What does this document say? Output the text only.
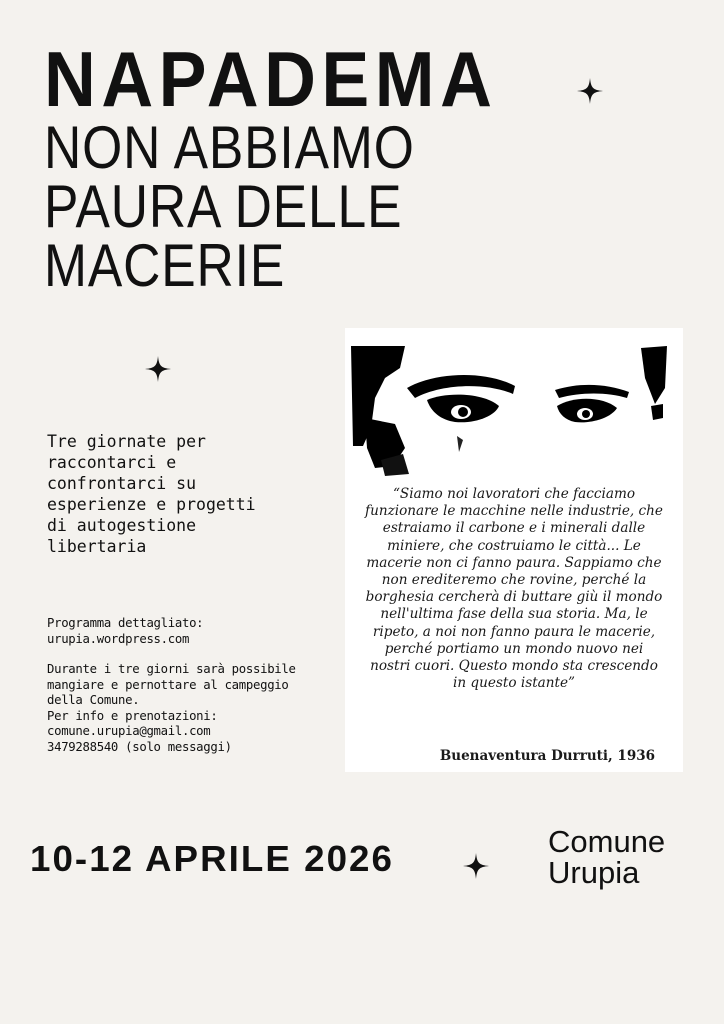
NAPADEMA
NON ABBIAMO
PAURA DELLE
MACERIE
Tre giornate per
raccontarci e
confrontarci su
esperienze e progetti
di autogestione
libertaria

Programma dettagliato:
urupia.wordpress.com

Durante i tre giorni sarà possibile mangiare e pernottare al campeggio della Comune.
Per info e prenotazioni:
comune.urupia@gmail.com
3479288540 (solo messaggi)

“Siamo noi lavoratori che facciamo funzionare le macchine nelle industrie, che estraiamo il carbone e i minerali dalle miniere, che costruiamo le città... Le macerie non ci fanno paura. Sappiamo che non erediteremo che rovine, perché la borghesia cercherà di buttare giù il mondo nell'ultima fase della sua storia. Ma, le ripeto, a noi non fanno paura le macerie, perché portiamo un mondo nuovo nei nostri cuori. Questo mondo sta crescendo in questo istante”
Buenaventura Durruti, 1936
10-12 APRILE 2026	Comune
Urupia
